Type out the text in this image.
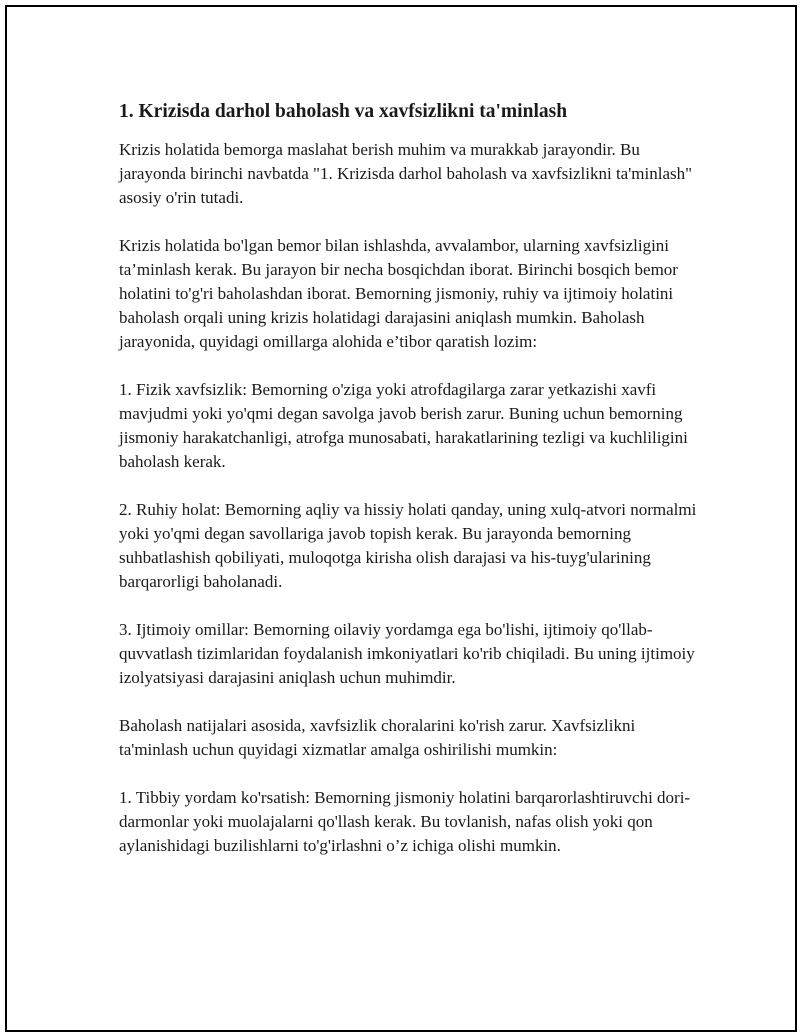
1. Krizisda darhol baholash va xavfsizlikni ta'minlash

Krizis holatida bemorga maslahat berish muhim va murakkab jarayondir. Bu jarayonda birinchi navbatda "1. Krizisda darhol baholash va xavfsizlikni ta'minlash" asosiy o'rin tutadi.

Krizis holatida bo'lgan bemor bilan ishlashda, avvalambor, ularning xavfsizligini ta’minlash kerak. Bu jarayon bir necha bosqichdan iborat. Birinchi bosqich bemor holatini to'g'ri baholashdan iborat. Bemorning jismoniy, ruhiy va ijtimoiy holatini baholash orqali uning krizis holatidagi darajasini aniqlash mumkin. Baholash jarayonida, quyidagi omillarga alohida e’tibor qaratish lozim:

1. Fizik xavfsizlik: Bemorning o'ziga yoki atrofdagilarga zarar yetkazishi xavfi mavjudmi yoki yo'qmi degan savolga javob berish zarur. Buning uchun bemorning jismoniy harakatchanligi, atrofga munosabati, harakatlarining tezligi va kuchliligini baholash kerak.

2. Ruhiy holat: Bemorning aqliy va hissiy holati qanday, uning xulq-atvori normalmi yoki yo'qmi degan savollariga javob topish kerak. Bu jarayonda bemorning suhbatlashish qobiliyati, muloqotga kirisha olish darajasi va his-tuyg'ularining barqarorligi baholanadi.

3. Ijtimoiy omillar: Bemorning oilaviy yordamga ega bo'lishi, ijtimoiy qo'llab-quvvatlash tizimlaridan foydalanish imkoniyatlari ko'rib chiqiladi. Bu uning ijtimoiy izolyatsiyasi darajasini aniqlash uchun muhimdir.

Baholash natijalari asosida, xavfsizlik choralarini ko'rish zarur. Xavfsizlikni ta'minlash uchun quyidagi xizmatlar amalga oshirilishi mumkin:

1. Tibbiy yordam ko'rsatish: Bemorning jismoniy holatini barqarorlashtiruvchi dori-darmonlar yoki muolajalarni qo'llash kerak. Bu tovlanish, nafas olish yoki qon aylanishidagi buzilishlarni to'g'irlashni o’z ichiga olishi mumkin.
